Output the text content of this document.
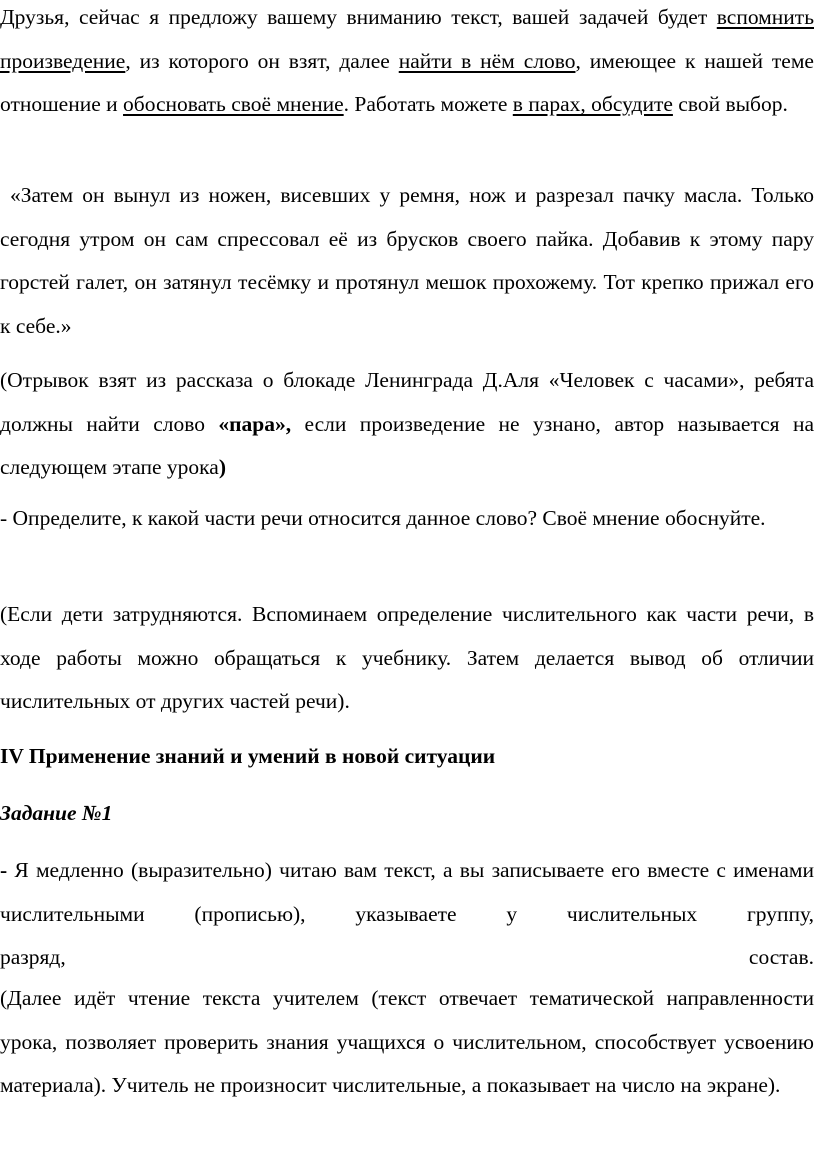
Друзья, сейчас я предложу вашему вниманию текст, вашей задачей будет вспомнить произведение, из которого он взят, далее найти в нём слово, имеющее к нашей теме отношение и обосновать своё мнение. Работать можете в парах, обсудите свой выбор.

«Затем он вынул из ножен, висевших у ремня, нож и разрезал пачку масла. Только сегодня утром он сам спрессовал её из брусков своего пайка. Добавив к этому пару горстей галет, он затянул тесёмку и протянул мешок прохожему. Тот крепко прижал его к себе.»

(Отрывок взят из рассказа о блокаде Ленинграда Д.Аля «Человек с часами», ребята должны найти слово «пара», если произведение не узнано, автор называется на следующем этапе урока)

- Определите, к какой части речи относится данное слово? Своё мнение обоснуйте.

(Если дети затрудняются. Вспоминаем определение числительного как части речи, в ходе работы можно обращаться к учебнику. Затем делается вывод об отличии числительных от других частей речи).

IV Применение знаний и умений в новой ситуации

Задание №1

- Я медленно (выразительно) читаю вам текст, а вы записываете его вместе с именами числительными (прописью), указываете у числительных группу,
разряд, состав.

(Далее идёт чтение текста учителем (текст отвечает тематической направленности урока, позволяет проверить знания учащихся о числительном, способствует усвоению материала). Учитель не произносит числительные, а показывает на число на экране).
